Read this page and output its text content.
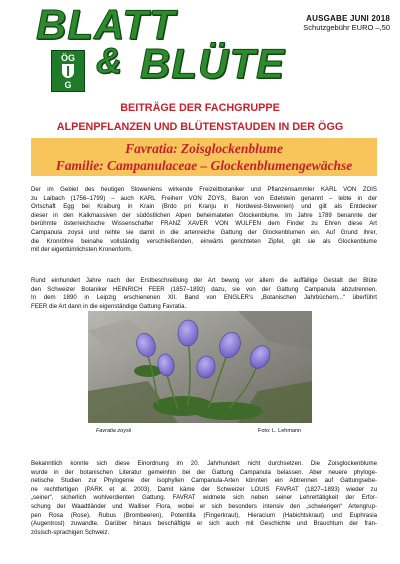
BLATT
& BLÜTE
ÖG
G
AUSGABE JUNI 2018
Schutzgebühr EURO –,50
BEITRÄGE DER FACHGRUPPE
ALPENPFLANZEN UND BLÜTENSTAUDEN IN DER ÖGG
Favratia: Zoisglockenblume
Familie: Campanulaceae – Glockenblumengewächse
Der im Gebiet des heutigen Sloweniens wirkende Freizeitbotaniker und Pflanzensammler KARL VON ZOIS
zu Laibach (1756–1799) – auch KARL Freiherr VON ZOYS, Baron von Edelstein genannt – lebte in der
Ortschaft Egg bei Kraiburg in Krain (Brdo pri Kranju in Nordwest-Slowenien) und gilt als Entdecker
dieser in den Kalkmassiven der südöstlichen Alpen beheimateten Glockenblume. Im Jahre 1789 benannte der
berühmte österreichische Wissenschafter FRANZ XAVER VON WULFEN dem Finder zu Ehren diese Art
Campanula zoysii und reihte sie damit in die artenreiche Gattung der Glockenblumen ein. Auf Grund ihrer,
die Kronröhre beinahe vollständig verschließenden, einwärts gerichteten Zipfel, gilt sie als Glockenblume
mit der eigentümlichsten Kronenform.
Rund einhundert Jahre nach der Erstbeschreibung der Art bewog vor allem die auffällige Gestalt der Blüte
den Schweizer Botaniker HEINRICH FEER (1857–1892) dazu, sie von der Gattung Campanula abzutrennen.
In dem 1890 in Leipzig erschienenen XII. Band von ENGLER’s „Botanischen Jahrbüchern...“ überführt
FEER die Art dann in die eigenständige Gattung Favratia.
Favratia zoysii	Foto: L. Lehmann
Bekanntlich konnte sich diese Einordnung im 20. Jahrhundert nicht durchsetzen. Die Zoisglockenblume
wurde in der botanischen Literatur gemeinhin bei der Gattung Campanula belassen. Aber neuere phyloge-
netische Studien zur Phylogenie der isophyllen Campanula-Arten könnten ein Abtrennen auf Gattungsebe-
ne rechtfertigen (PARK et al. 2003). Damit käme der Schweizer LOUIS FAVRAT (1827–1893) wieder zu
„seiner“, sicherlich wohlverdienten Gattung. FAVRAT widmete sich neben seiner Lehrertätigkeit der Erfor-
schung der Waadtländer und Walliser Flora, wobei er sich besonders intensiv den „schwierigen“ Artengrup-
pen Rosa (Rose), Rubus (Brombeeren), Potentilla (Fingerkraut), Hieracium (Habichtskraut) und Euphrasia
(Augentrost) zuwandte. Darüber hinaus beschäftigte er sich auch mit Geschichte und Brauchtum der fran-
zösisch-sprachigen Schweiz.
